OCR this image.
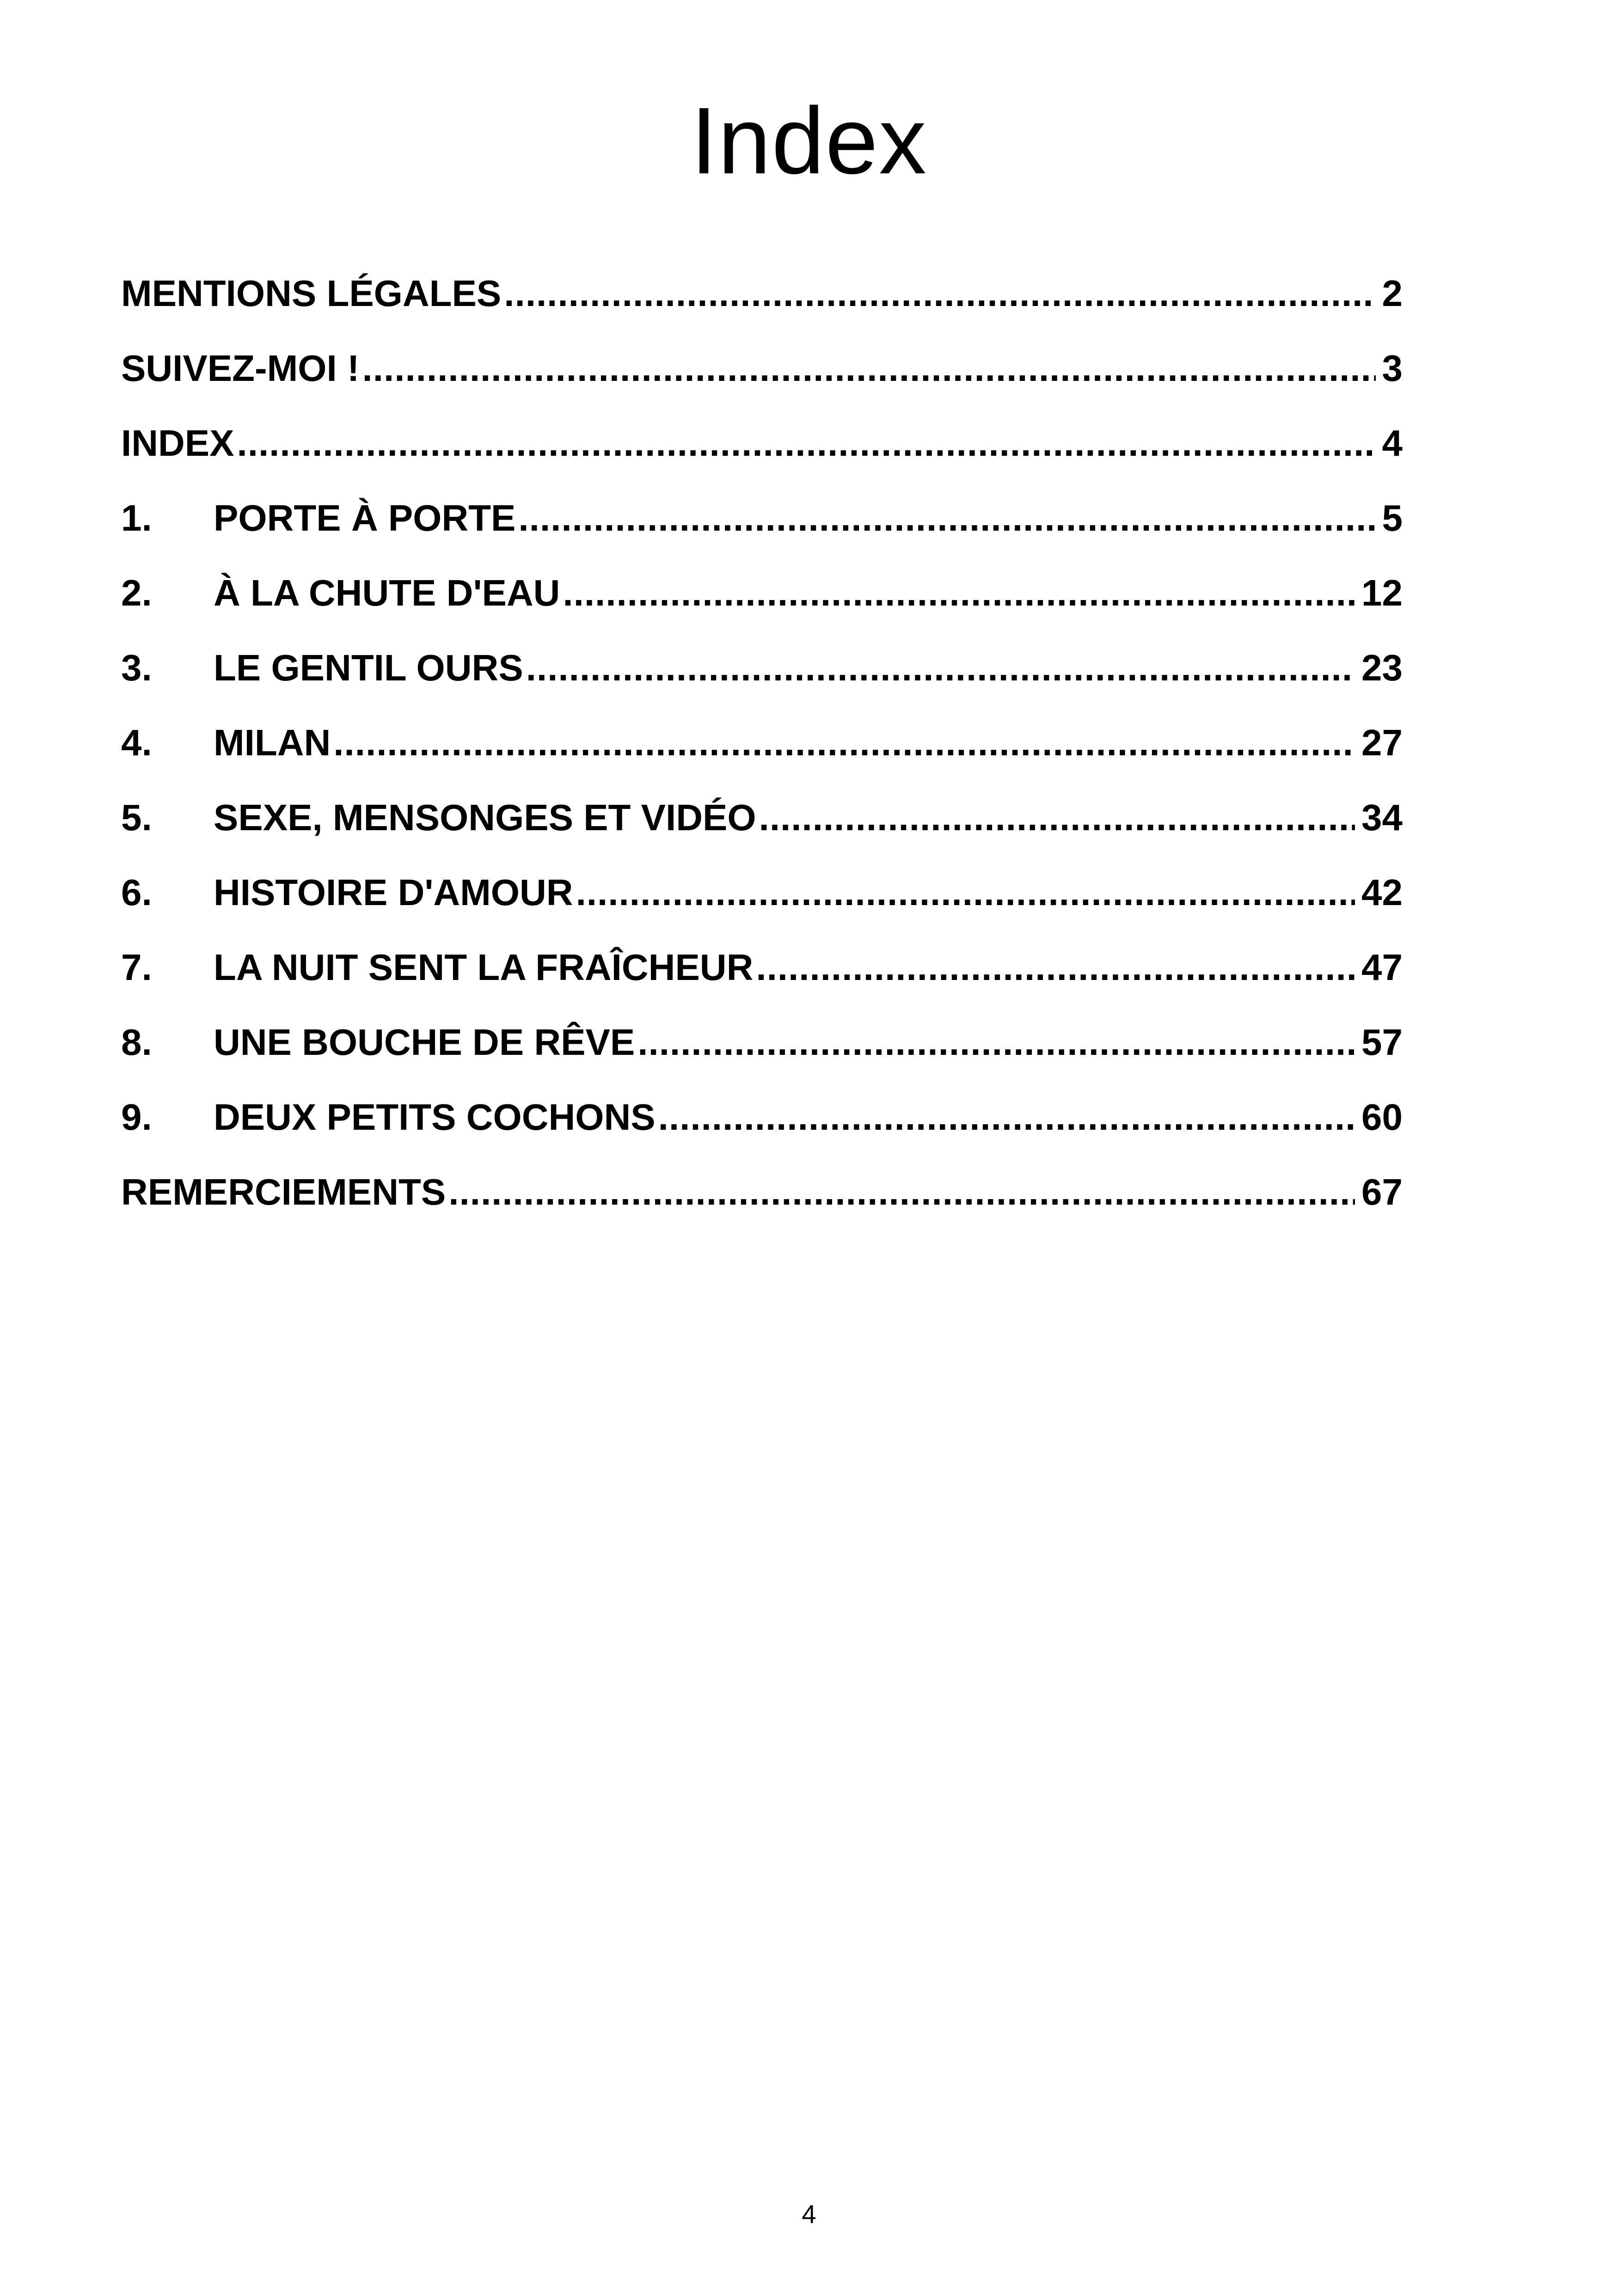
Index
MENTIONS LÉGALES .....	2
SUIVEZ-MOI ! .....	3
INDEX .....	4
1.	PORTE À PORTE .....	5
2.	À LA CHUTE D'EAU .....	12
3.	LE GENTIL OURS .....	23
4.	MILAN .....	27
5.	SEXE, MENSONGES ET VIDÉO .....	34
6.	HISTOIRE D'AMOUR .....	42
7.	LA NUIT SENT LA FRAÎCHEUR .....	47
8.	UNE BOUCHE DE RÊVE .....	57
9.	DEUX PETITS COCHONS .....	60
REMERCIEMENTS .....	67
4
